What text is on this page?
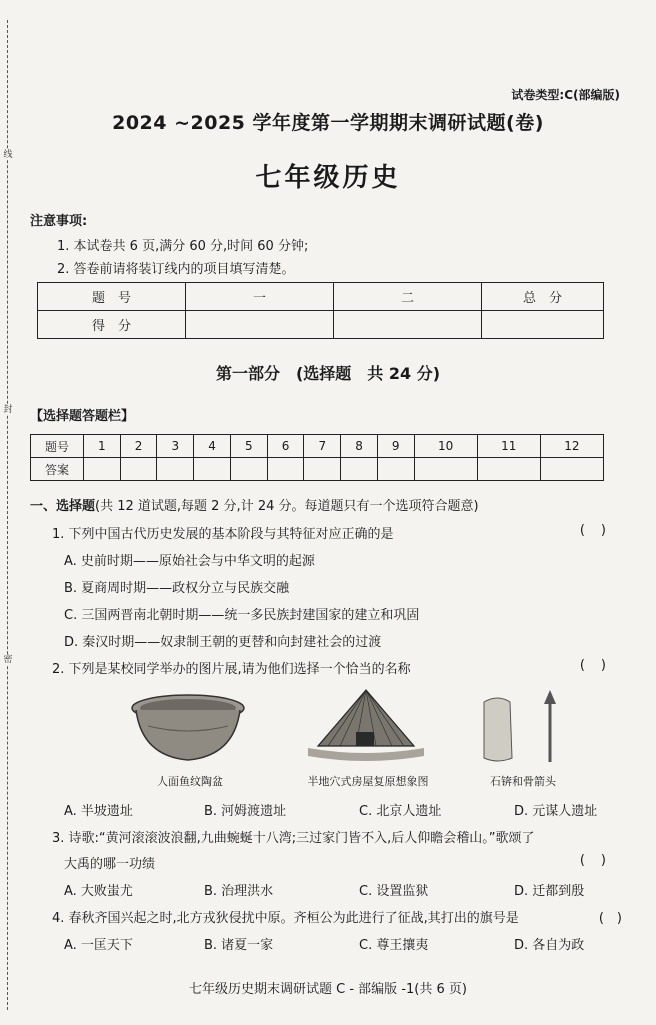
线
封
密
试卷类型:C(部编版)
2024 ~2025 学年度第一学期期末调研试题(卷)
七年级历史
注意事项:
1. 本试卷共 6 页,满分 60 分,时间 60 分钟;
2. 答卷前请将装订线内的项目填写清楚。
题　号	一	二	总　分
得　分			
第一部分　(选择题　共 24 分)
【选择题答题栏】
题号	1	2	3	4	5	6	7	8	9	10	11	12
答案												
一、选择题(共 12 道试题,每题 2 分,计 24 分。每道题只有一个选项符合题意)
1. 下列中国古代历史发展的基本阶段与其特征对应正确的是	()
A. 史前时期——原始社会与中华文明的起源
B. 夏商周时期——政权分立与民族交融
C. 三国两晋南北朝时期——统一多民族封建国家的建立和巩固
D. 秦汉时期——奴隶制王朝的更替和向封建社会的过渡
2. 下列是某校同学举办的图片展,请为他们选择一个恰当的名称	()
人面鱼纹陶盆	半地穴式房屋复原想象图	石锛和骨箭头
A. 半坡遗址	B. 河姆渡遗址	C. 北京人遗址	D. 元谋人遗址
3. 诗歌:“黄河滚滚波浪翻,九曲蜿蜒十八湾;三过家门皆不入,后人仰瞻会稽山。”歌颂了
大禹的哪一功绩	()
A. 大败蚩尤	B. 治理洪水	C. 设置监狱	D. 迁都到殷
4. 春秋齐国兴起之时,北方戎狄侵扰中原。齐桓公为此进行了征战,其打出的旗号是	(　)
A. 一匡天下	B. 诸夏一家	C. 尊王攘夷	D. 各自为政
七年级历史期末调研试题 C - 部编版 -1(共 6 页)
